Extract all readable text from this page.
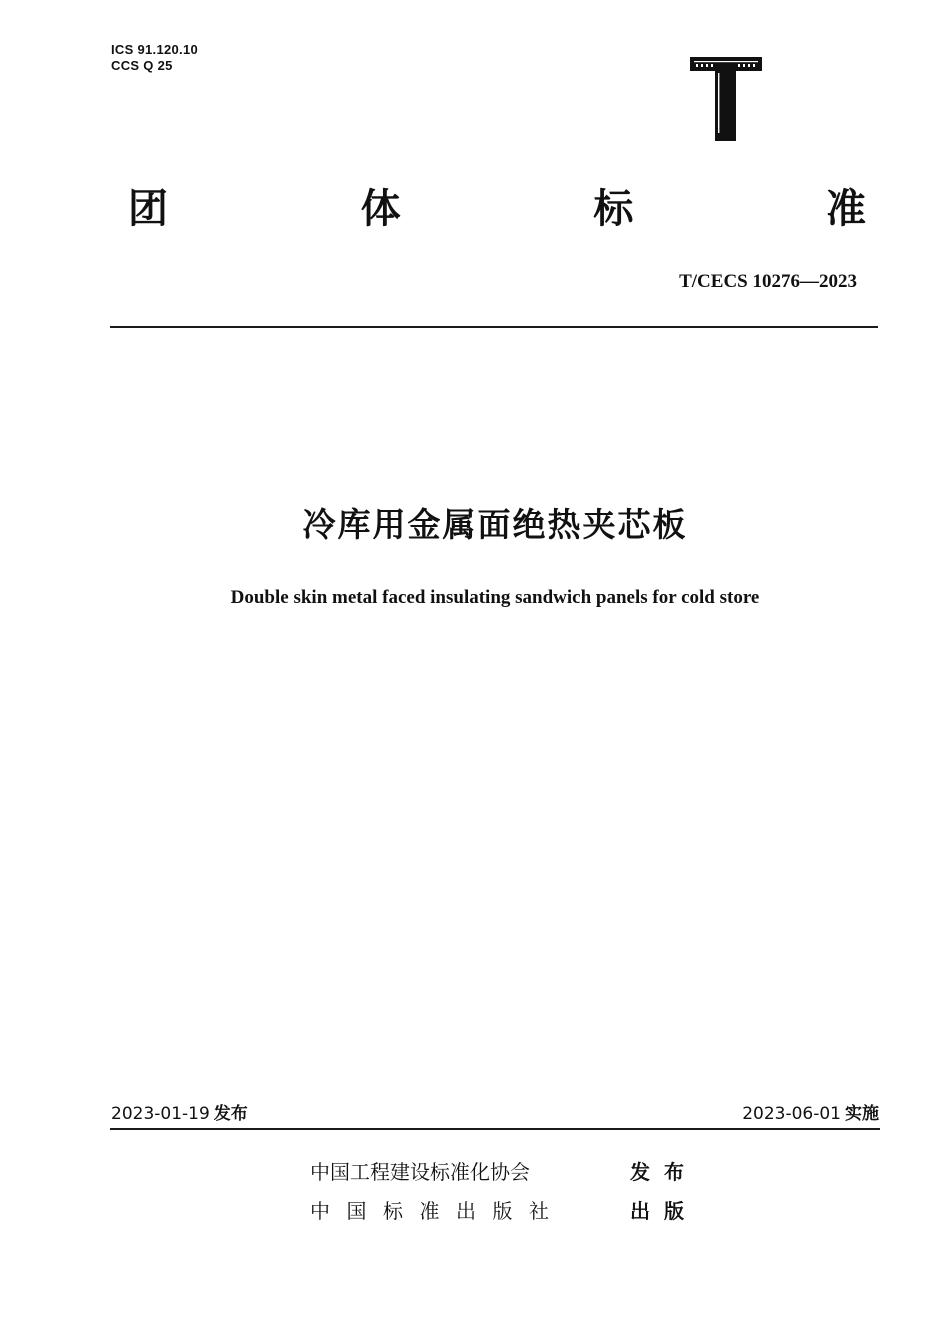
ICS 91.120.10
CCS Q 25
团	体	标	准
T/CECS 10276—2023
冷库用金属面绝热夹芯板
Double skin metal faced insulating sandwich panels for cold store
2023-01-19 发布	2023-06-01 实施
中国工程建设标准化协会	发布
中国标准出版社	出版
